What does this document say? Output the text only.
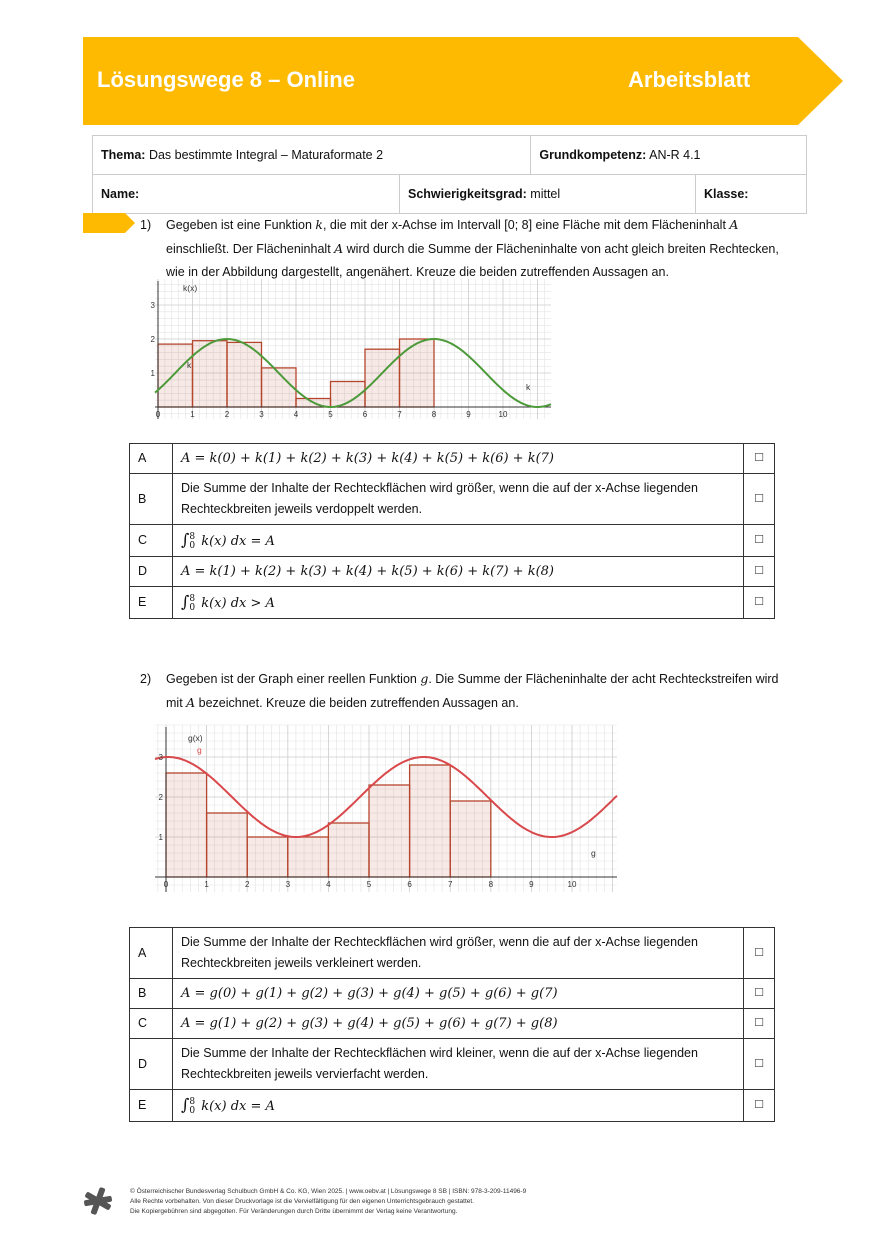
Lösungswege 8 – Online	Arbeitsblatt
Thema: Das bestimmte Integral – Maturaformate 2		Grundkompetenz: AN-R 4.1	
Name:	Schwierigkeitsgrad: mittel		Klasse:
1) Gegeben ist eine Funktion k, die mit der x-Achse im Intervall [0; 8] eine Fläche mit dem Flächeninhalt A
einschließt. Der Flächeninhalt A wird durch die Summe der Flächeninhalte von acht gleich breiten Rechtecken,
wie in der Abbildung dargestellt, angenähert. Kreuze die beiden zutreffenden Aussagen an.
0	1	2	3	4	5	6	7	8	9	10
1
2
3
k(x)
k
k
A	A = k(0) + k(1) + k(2) + k(3) + k(4) + k(5) + k(6) + k(7)	☐
B	Die Summe der Inhalte der Rechteckflächen wird größer, wenn die auf der x-Achse liegenden Rechteckbreiten jeweils verdoppelt werden.	☐
C	∫ 8
0 k(x) dx = A	☐
D	A = k(1) + k(2) + k(3) + k(4) + k(5) + k(6) + k(7) + k(8)	☐
E	∫ 8
0 k(x) dx > A	☐
2) Gegeben ist der Graph einer reellen Funktion g. Die Summe der Flächeninhalte der acht Rechteckstreifen wird
mit A bezeichnet. Kreuze die beiden zutreffenden Aussagen an.
0	1	2	3	4	5	6	7	8	9	10
1
2
3
g(x)
g
g
A	Die Summe der Inhalte der Rechteckflächen wird größer, wenn die auf der x-Achse liegenden Rechteckbreiten jeweils verkleinert werden.	☐
B	A = g(0) + g(1) + g(2) + g(3) + g(4) + g(5) + g(6) + g(7)	☐
C	A = g(1) + g(2) + g(3) + g(4) + g(5) + g(6) + g(7) + g(8)	☐
D	Die Summe der Inhalte der Rechteckflächen wird kleiner, wenn die auf der x-Achse liegenden Rechteckbreiten jeweils vervierfacht werden.	☐
E	∫ 8
0 k(x) dx = A	☐
© Österreichischer Bundesverlag Schulbuch GmbH & Co. KG, Wien 2025. | www.oebv.at | Lösungswege 8 SB | ISBN: 978-3-209-11496-9
Alle Rechte vorbehalten. Von dieser Druckvorlage ist die Vervielfältigung für den eigenen Unterrichtsgebrauch gestattet.
Die Kopiergebühren sind abgegolten. Für Veränderungen durch Dritte übernimmt der Verlag keine Verantwortung.
